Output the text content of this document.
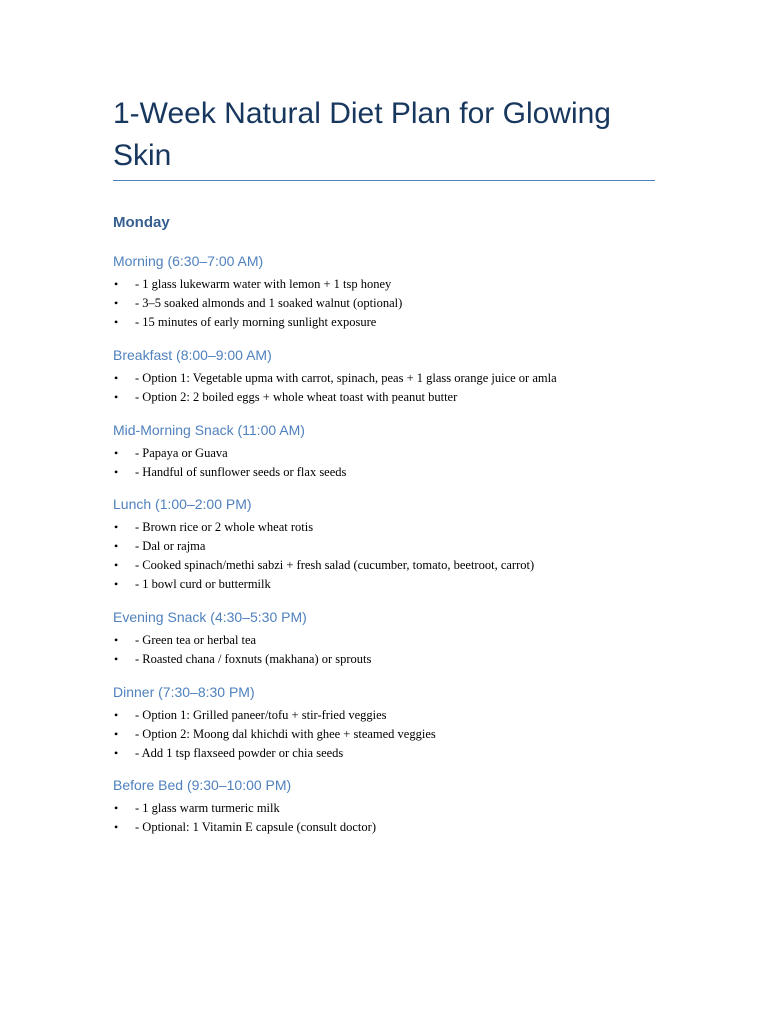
1-Week Natural Diet Plan for Glowing Skin
Monday
Morning (6:30–7:00 AM)
• - 1 glass lukewarm water with lemon + 1 tsp honey
• - 3–5 soaked almonds and 1 soaked walnut (optional)
• - 15 minutes of early morning sunlight exposure
Breakfast (8:00–9:00 AM)
• - Option 1: Vegetable upma with carrot, spinach, peas + 1 glass orange juice or amla
• - Option 2: 2 boiled eggs + whole wheat toast with peanut butter
Mid-Morning Snack (11:00 AM)
• - Papaya or Guava
• - Handful of sunflower seeds or flax seeds
Lunch (1:00–2:00 PM)
• - Brown rice or 2 whole wheat rotis
• - Dal or rajma
• - Cooked spinach/methi sabzi + fresh salad (cucumber, tomato, beetroot, carrot)
• - 1 bowl curd or buttermilk
Evening Snack (4:30–5:30 PM)
• - Green tea or herbal tea
• - Roasted chana / foxnuts (makhana) or sprouts
Dinner (7:30–8:30 PM)
• - Option 1: Grilled paneer/tofu + stir-fried veggies
• - Option 2: Moong dal khichdi with ghee + steamed veggies
• - Add 1 tsp flaxseed powder or chia seeds
Before Bed (9:30–10:00 PM)
• - 1 glass warm turmeric milk
• - Optional: 1 Vitamin E capsule (consult doctor)
